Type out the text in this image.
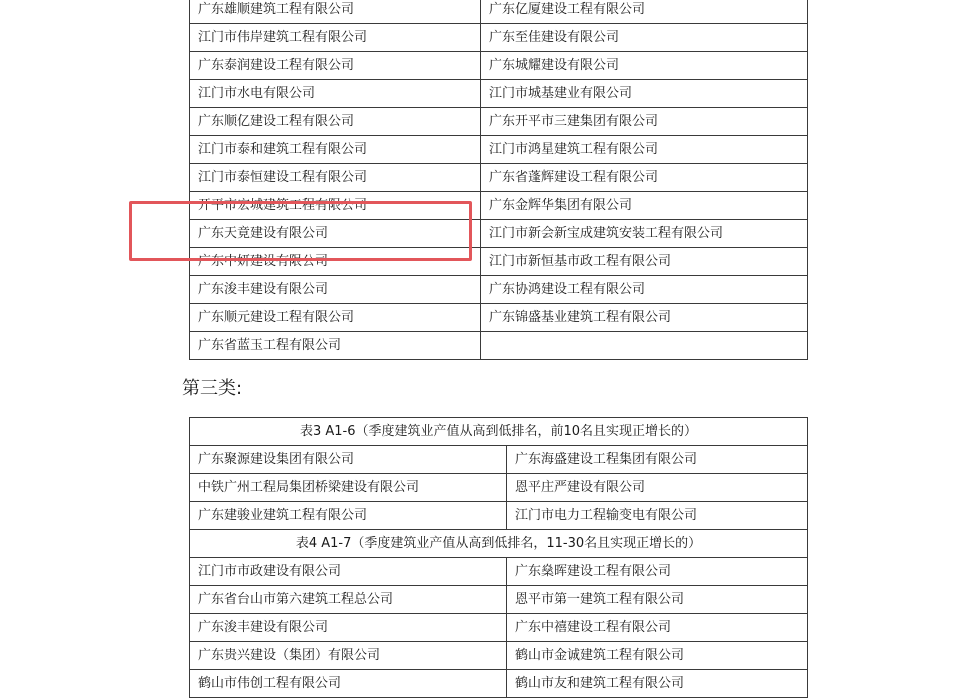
广东雄顺建筑工程有限公司	广东亿厦建设工程有限公司
江门市伟岸建筑工程有限公司	广东至佳建设有限公司
广东泰润建设工程有限公司	广东城耀建设有限公司
江门市水电有限公司	江门市城基建业有限公司
广东顺亿建设工程有限公司	广东开平市三建集团有限公司
江门市泰和建筑工程有限公司	江门市鸿星建筑工程有限公司
江门市泰恒建设工程有限公司	广东省蓬辉建设工程有限公司
开平市宏城建筑工程有限公司	广东金辉华集团有限公司
广东天竟建设有限公司	江门市新会新宝成建筑安装工程有限公司
广东中妍建设有限公司	江门市新恒基市政工程有限公司
广东浚丰建设有限公司	广东协鸿建设工程有限公司
广东顺元建设工程有限公司	广东锦盛基业建筑工程有限公司
广东省蓝玉工程有限公司	
第三类:
表3 A1-6（季度建筑业产值从高到低排名，前10名且实现正增长的）	
广东聚源建设集团有限公司	广东海盛建设工程集团有限公司
中铁广州工程局集团桥梁建设有限公司	恩平庄严建设有限公司
广东建骏业建筑工程有限公司	江门市电力工程输变电有限公司
表4 A1-7（季度建筑业产值从高到低排名，11-30名且实现正增长的）	
江门市市政建设有限公司	广东燊晖建设工程有限公司
广东省台山市第六建筑工程总公司	恩平市第一建筑工程有限公司
广东浚丰建设有限公司	广东中禧建设工程有限公司
广东贵兴建设（集团）有限公司	鹤山市金诚建筑工程有限公司
鹤山市伟创工程有限公司	鹤山市友和建筑工程有限公司
